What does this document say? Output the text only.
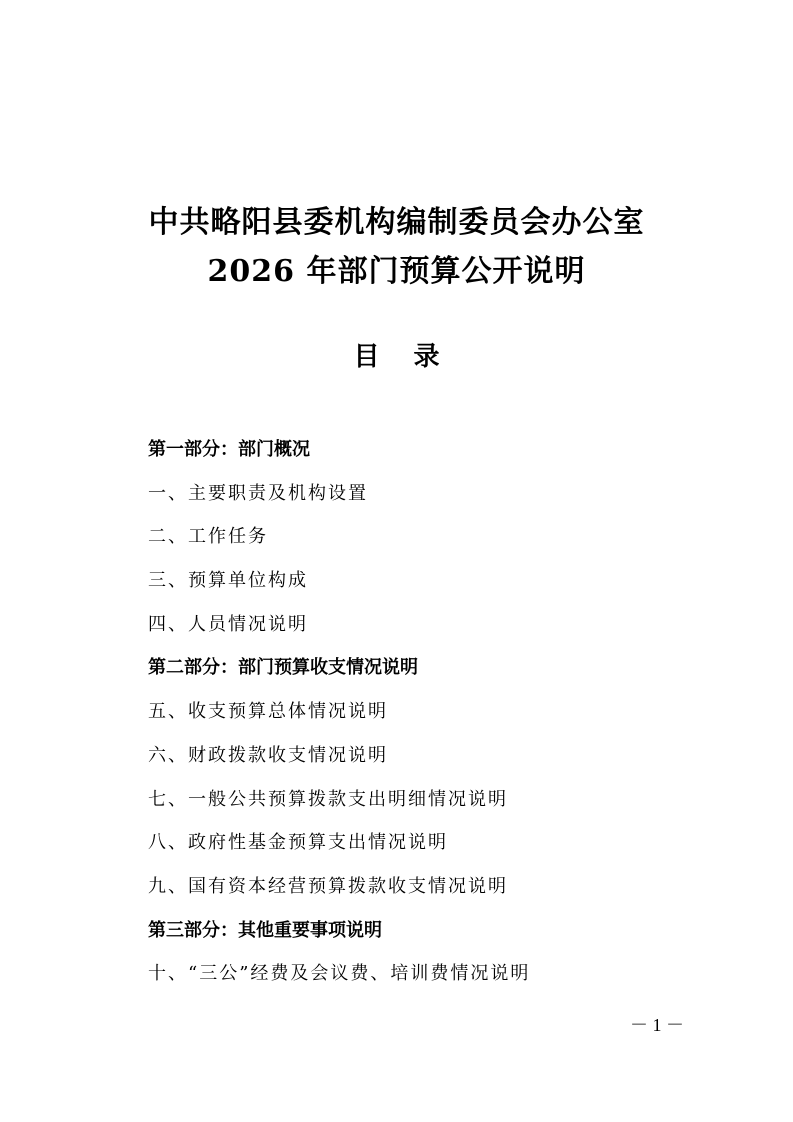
中共略阳县委机构编制委员会办公室
2026 年部门预算公开说明
目 录
第一部分：部门概况
一、主要职责及机构设置
二、工作任务
三、预算单位构成
四、人员情况说明
第二部分：部门预算收支情况说明
五、收支预算总体情况说明
六、财政拨款收支情况说明
七、一般公共预算拨款支出明细情况说明
八、政府性基金预算支出情况说明
九、国有资本经营预算拨款收支情况说明
第三部分：其他重要事项说明
十、“三公”经费及会议费、培训费情况说明
－ 1 －
